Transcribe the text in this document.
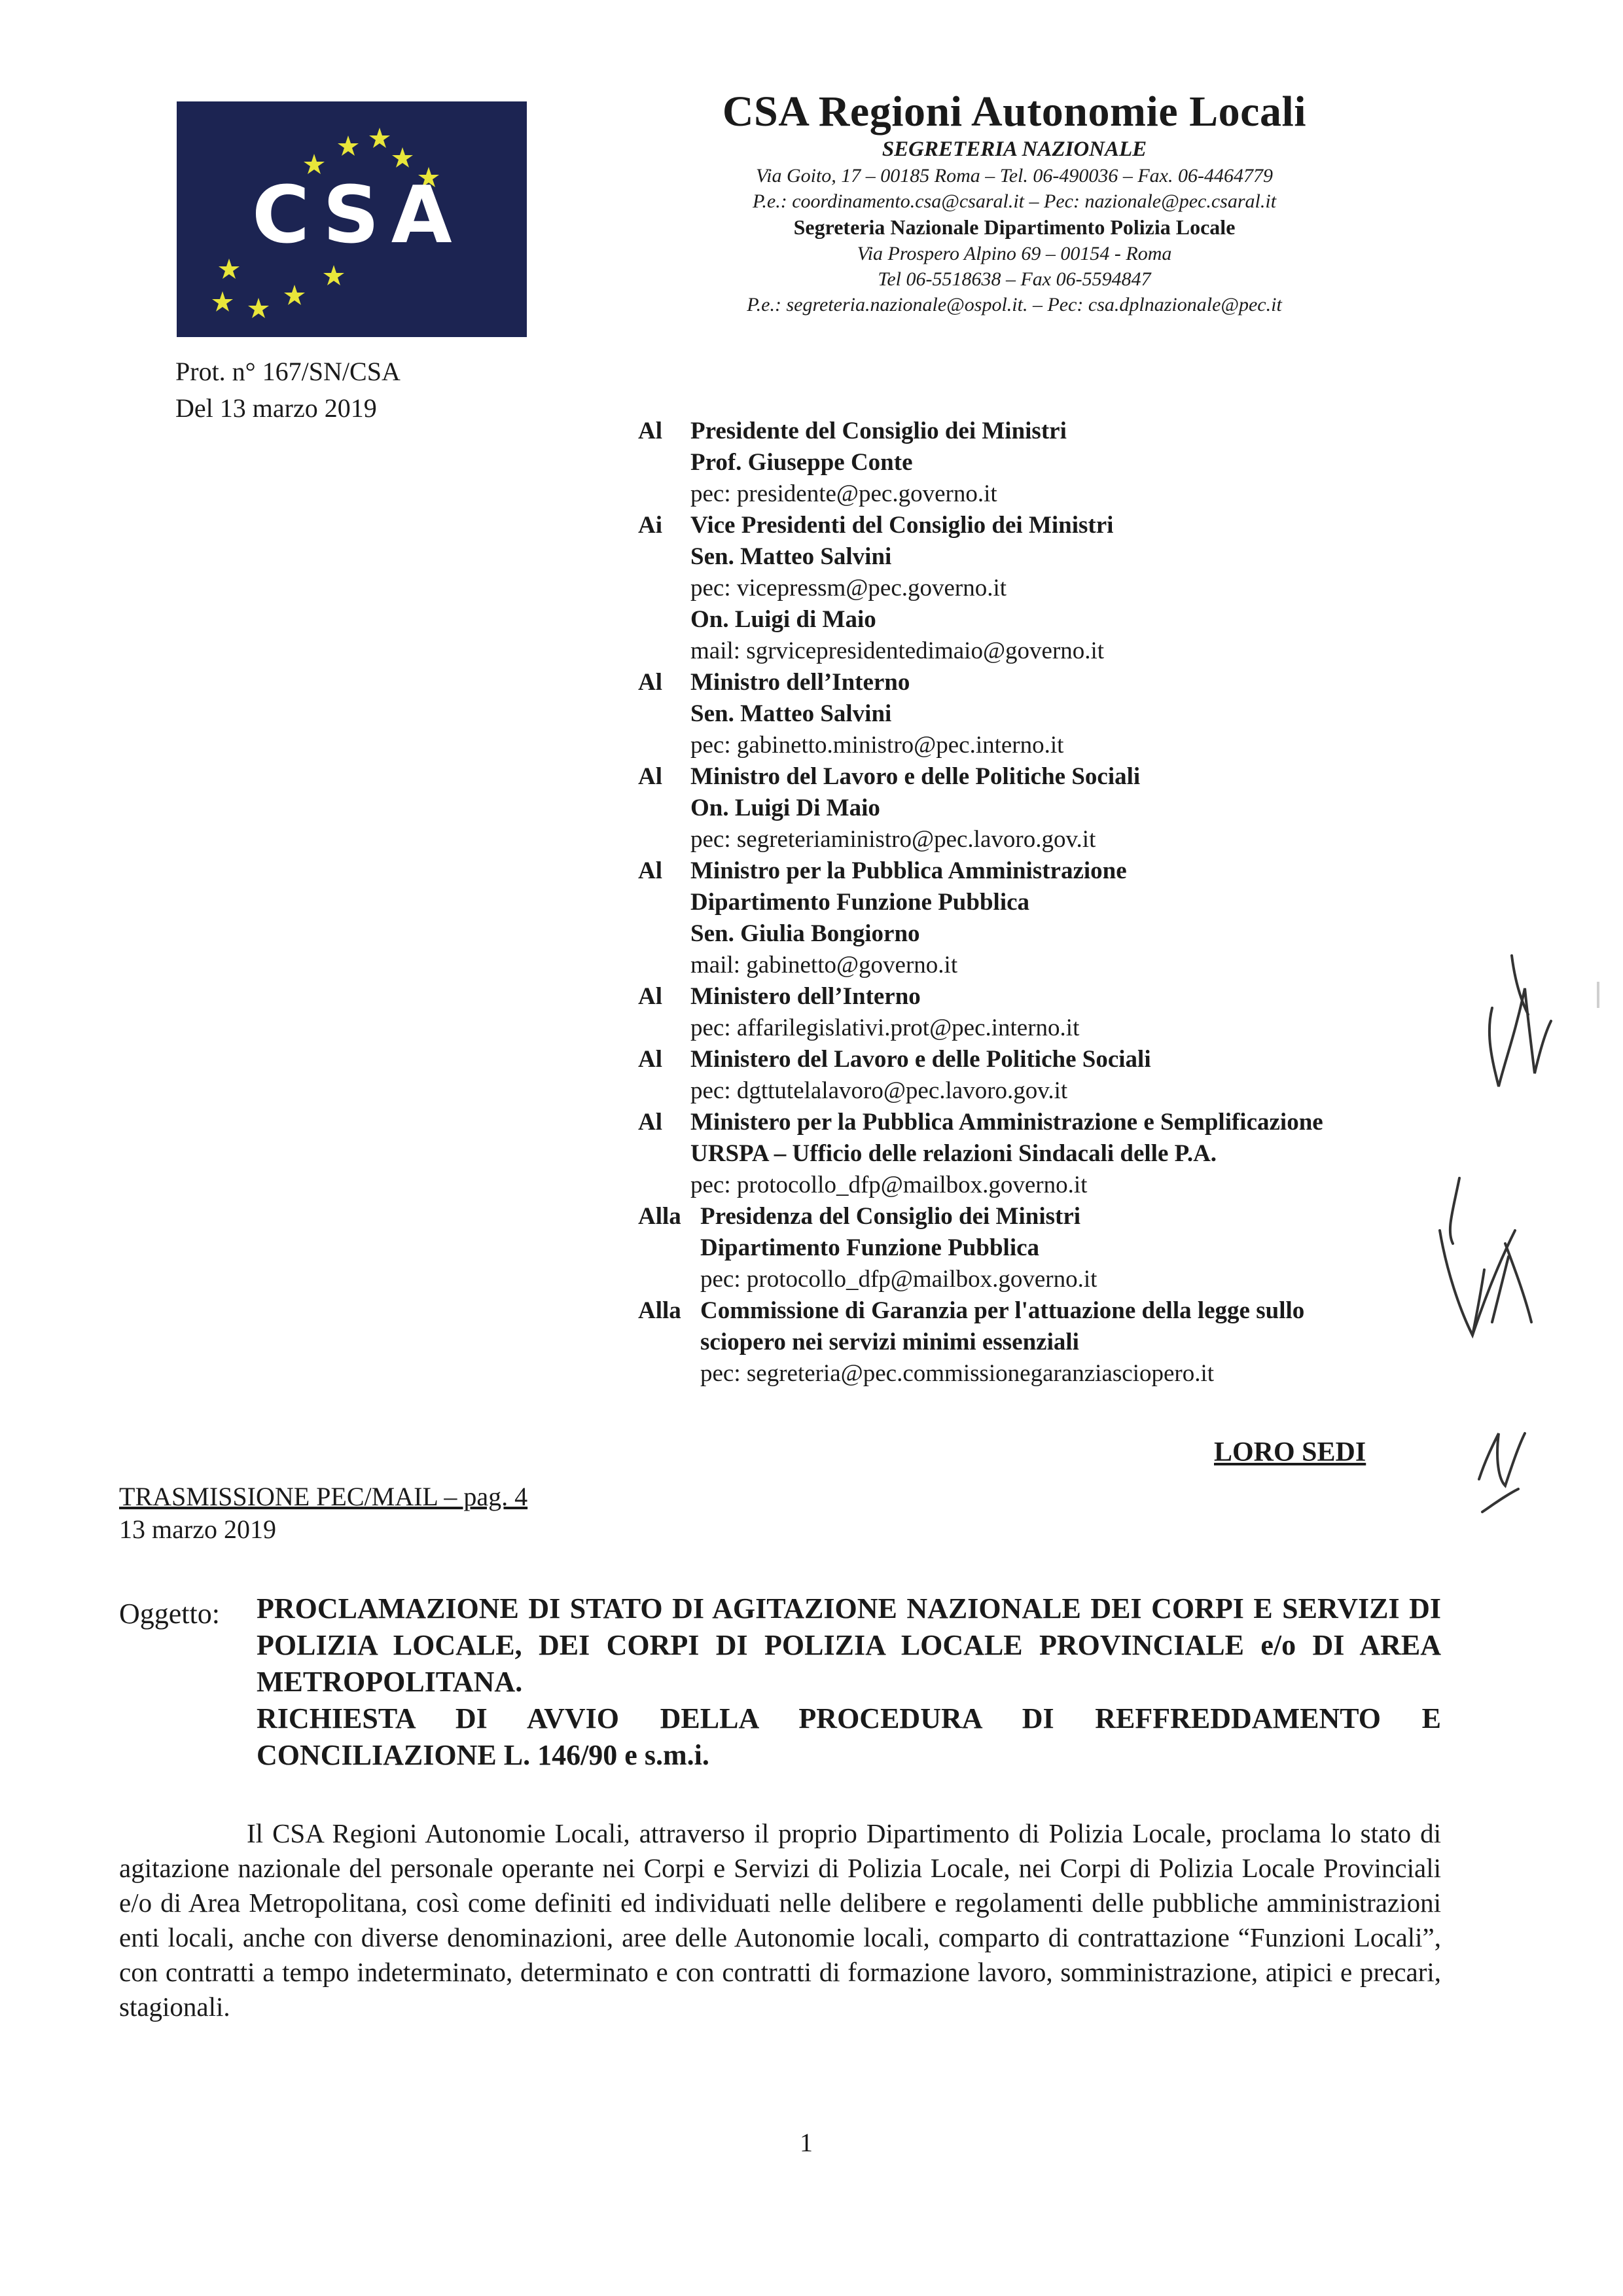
CSA
CSA Regioni Autonomie Locali
SEGRETERIA NAZIONALE
Via Goito, 17 – 00185 Roma – Tel. 06-490036 – Fax. 06-4464779
P.e.: coordinamento.csa@csaral.it – Pec: nazionale@pec.csaral.it
Segreteria Nazionale Dipartimento Polizia Locale
Via Prospero Alpino 69 – 00154 - Roma
Tel 06-5518638 – Fax 06-5594847
P.e.: segreteria.nazionale@ospol.it. – Pec: csa.dplnazionale@pec.it
Prot. n° 167/SN/CSA
Del 13 marzo 2019
Al Presidente del Consiglio dei Ministri
Prof. Giuseppe Conte
pec: presidente@pec.governo.it
Ai Vice Presidenti del Consiglio dei Ministri
Sen. Matteo Salvini
pec: vicepressm@pec.governo.it
On. Luigi di Maio
mail: sgrvicepresidentedimaio@governo.it
Al Ministro dell’Interno
Sen. Matteo Salvini
pec: gabinetto.ministro@pec.interno.it
Al Ministro del Lavoro e delle Politiche Sociali
On. Luigi Di Maio
pec: segreteriaministro@pec.lavoro.gov.it
Al Ministro per la Pubblica Amministrazione
Dipartimento Funzione Pubblica
Sen. Giulia Bongiorno
mail: gabinetto@governo.it
Al Ministero dell’Interno
pec: affarilegislativi.prot@pec.interno.it
Al Ministero del Lavoro e delle Politiche Sociali
pec: dgttutelalavoro@pec.lavoro.gov.it
Al Ministero per la Pubblica Amministrazione e Semplificazione
URSPA – Ufficio delle relazioni Sindacali delle P.A.
pec: protocollo_dfp@mailbox.governo.it
Alla Presidenza del Consiglio dei Ministri
Dipartimento Funzione Pubblica
pec: protocollo_dfp@mailbox.governo.it
Alla Commissione di Garanzia per l'attuazione della legge sullo
sciopero nei servizi minimi essenziali
pec: segreteria@pec.commissionegaranziasciopero.it
LORO SEDI
TRASMISSIONE PEC/MAIL – pag. 4
13 marzo 2019
Oggetto: PROCLAMAZIONE DI STATO DI AGITAZIONE NAZIONALE DEI CORPI E SERVIZI DI POLIZIA LOCALE, DEI CORPI DI POLIZIA LOCALE PROVINCIALE e/o DI AREA METROPOLITANA.
RICHIESTA DI AVVIO DELLA PROCEDURA DI REFFREDDAMENTO E CONCILIAZIONE L. 146/90 e s.m.i.
Il CSA Regioni Autonomie Locali, attraverso il proprio Dipartimento di Polizia Locale, proclama lo stato di agitazione nazionale del personale operante nei Corpi e Servizi di Polizia Locale, nei Corpi di Polizia Locale Provinciali e/o di Area Metropolitana, così come definiti ed individuati nelle delibere e regolamenti delle pubbliche amministrazioni enti locali, anche con diverse denominazioni, aree delle Autonomie locali, comparto di contrattazione “Funzioni Locali”, con contratti a tempo indeterminato, determinato e con contratti di formazione lavoro, somministrazione, atipici e precari, stagionali.
1
